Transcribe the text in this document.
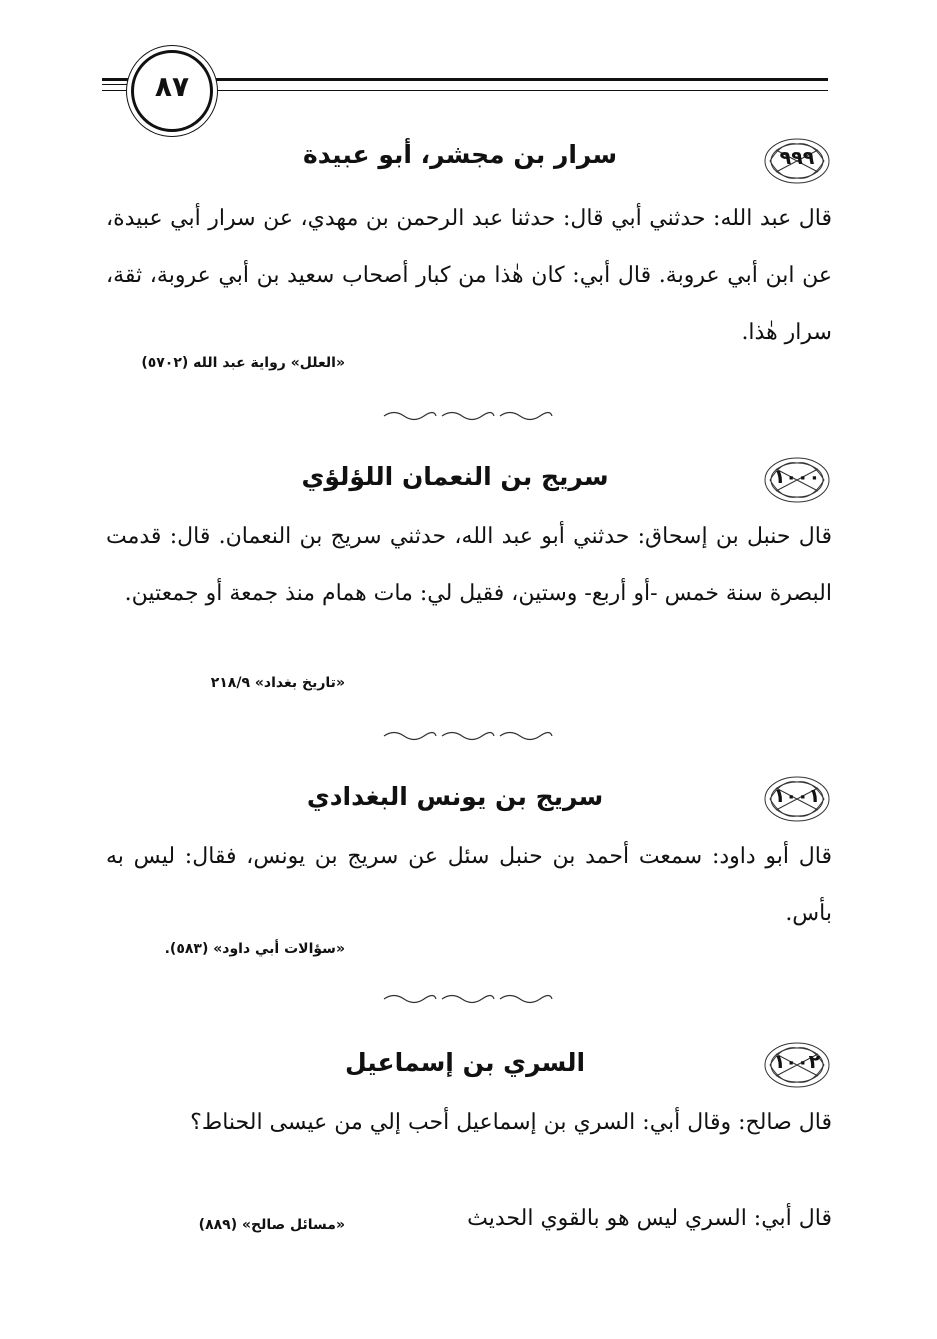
٨٧
٩٩٩
سرار بن مجشر، أبو عبيدة
قال عبد الله: حدثني أبي قال: حدثنا عبد الرحمن بن مهدي، عن سرار أبي عبيدة، عن ابن أبي عروبة. قال أبي: كان هٰذا من كبار أصحاب سعيد بن أبي عروبة، ثقة، سرار هٰذا.
«العلل» رواية عبد الله (٥٧٠٢)
١٠٠٠
سريج بن النعمان اللؤلؤي
قال حنبل بن إسحاق: حدثني أبو عبد الله، حدثني سريج بن النعمان. قال: قدمت البصرة سنة خمس -أو أربع- وستين، فقيل لي: مات همام منذ جمعة أو جمعتين.
«تاريخ بغداد» ٢١٨/٩
١٠٠١
سريج بن يونس البغدادي
قال أبو داود: سمعت أحمد بن حنبل سئل عن سريج بن يونس، فقال: ليس به بأس.
«سؤالات أبي داود» (٥٨٣).
١٠٠٢
السري بن إسماعيل
قال صالح: وقال أبي: السري بن إسماعيل أحب إلي من عيسى الحناط؟
قال أبي: السري ليس هو بالقوي الحديث
«مسائل صالح» (٨٨٩)
